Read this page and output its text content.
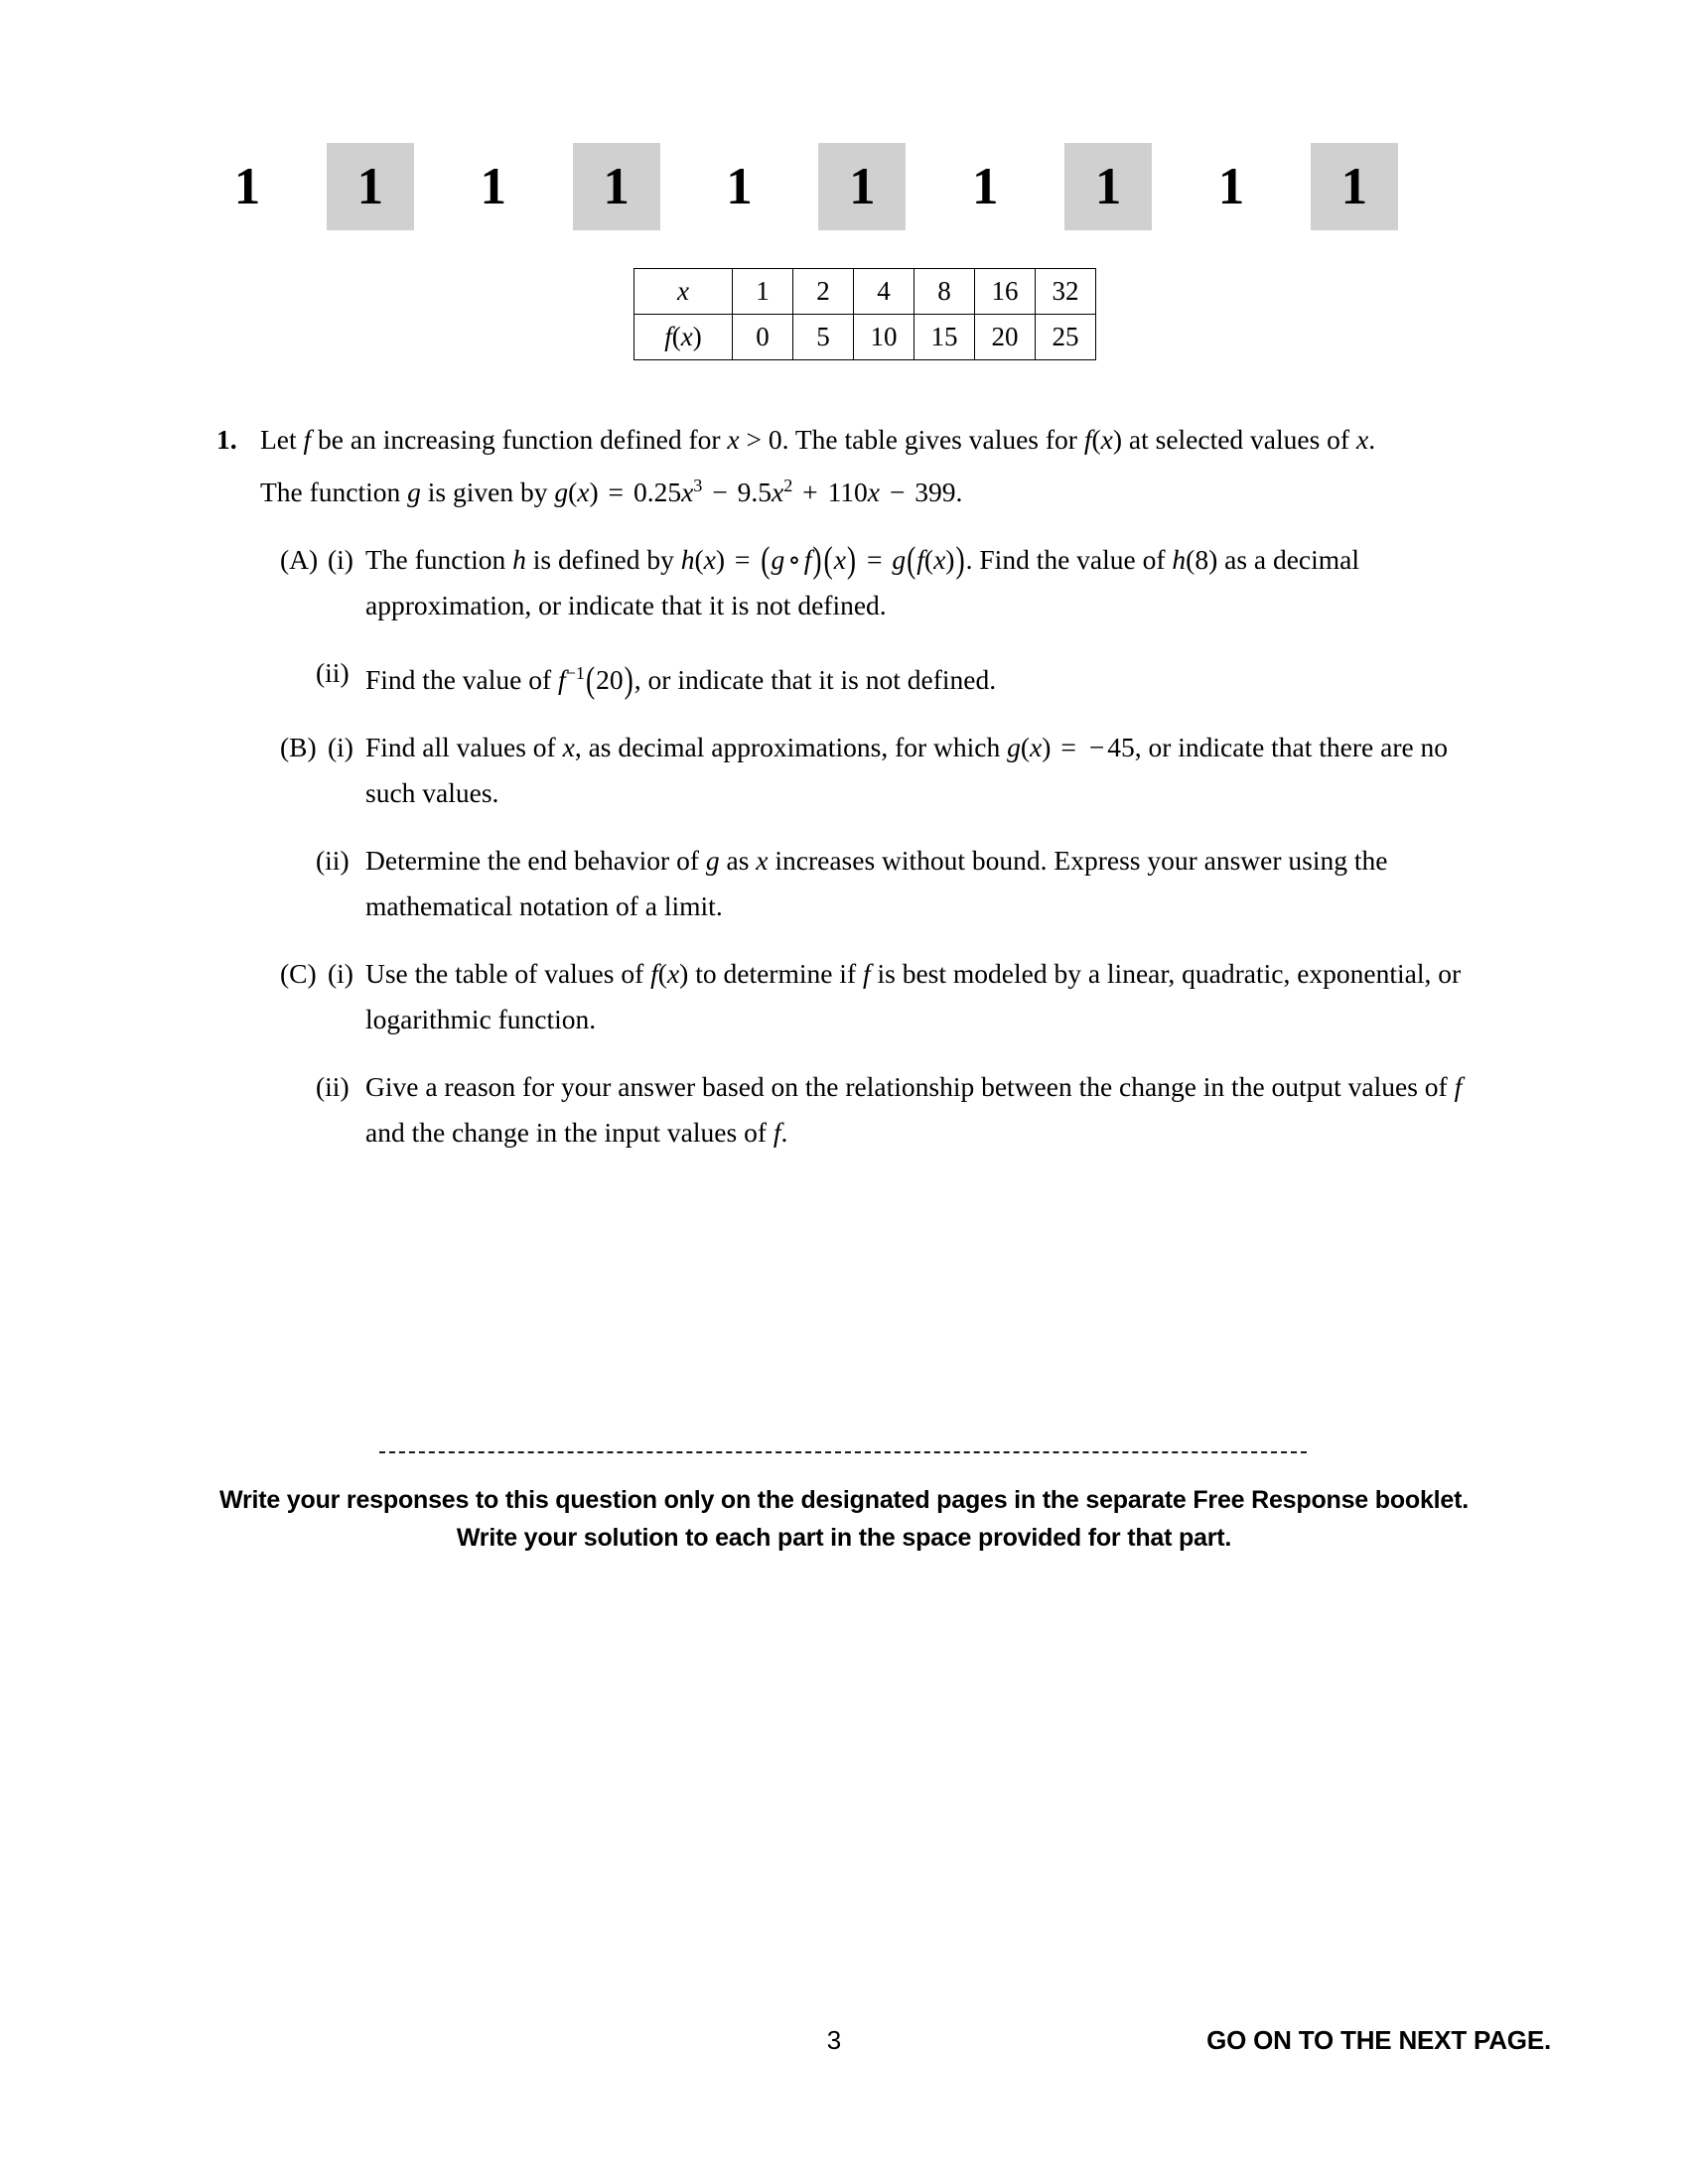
1	1	1	1	1	1	1	1	1	1
x	1	2	4	8	16	32
f(x)	0	5	10	15	20	25
1. Let f be an increasing function defined for x > 0. The table gives values for f(x) at selected values of x.
The function g is given by $g(x) = 0.25x^3 - 9.5x^2 + 110x - 399$.
(A) (i) The function h is defined by h(x) = (g ∘ f)(x) = g(f(x)). Find the value of h(8) as a decimal approximation, or indicate that it is not defined.
(ii) Find the value of $f^{-1}(20)$, or indicate that it is not defined.
(B) (i) Find all values of x, as decimal approximations, for which g(x) = − 45, or indicate that there are no such values.
(ii) Determine the end behavior of g as x increases without bound. Express your answer using the mathematical notation of a limit.
(C) (i) Use the table of values of f(x) to determine if f is best modeled by a linear, quadratic, exponential, or logarithmic function.
(ii) Give a reason for your answer based on the relationship between the change in the output values of f and the change in the input values of f.
Write your responses to this question only on the designated pages in the separate Free Response booklet.
Write your solution to each part in the space provided for that part.
3	GO ON TO THE NEXT PAGE.
